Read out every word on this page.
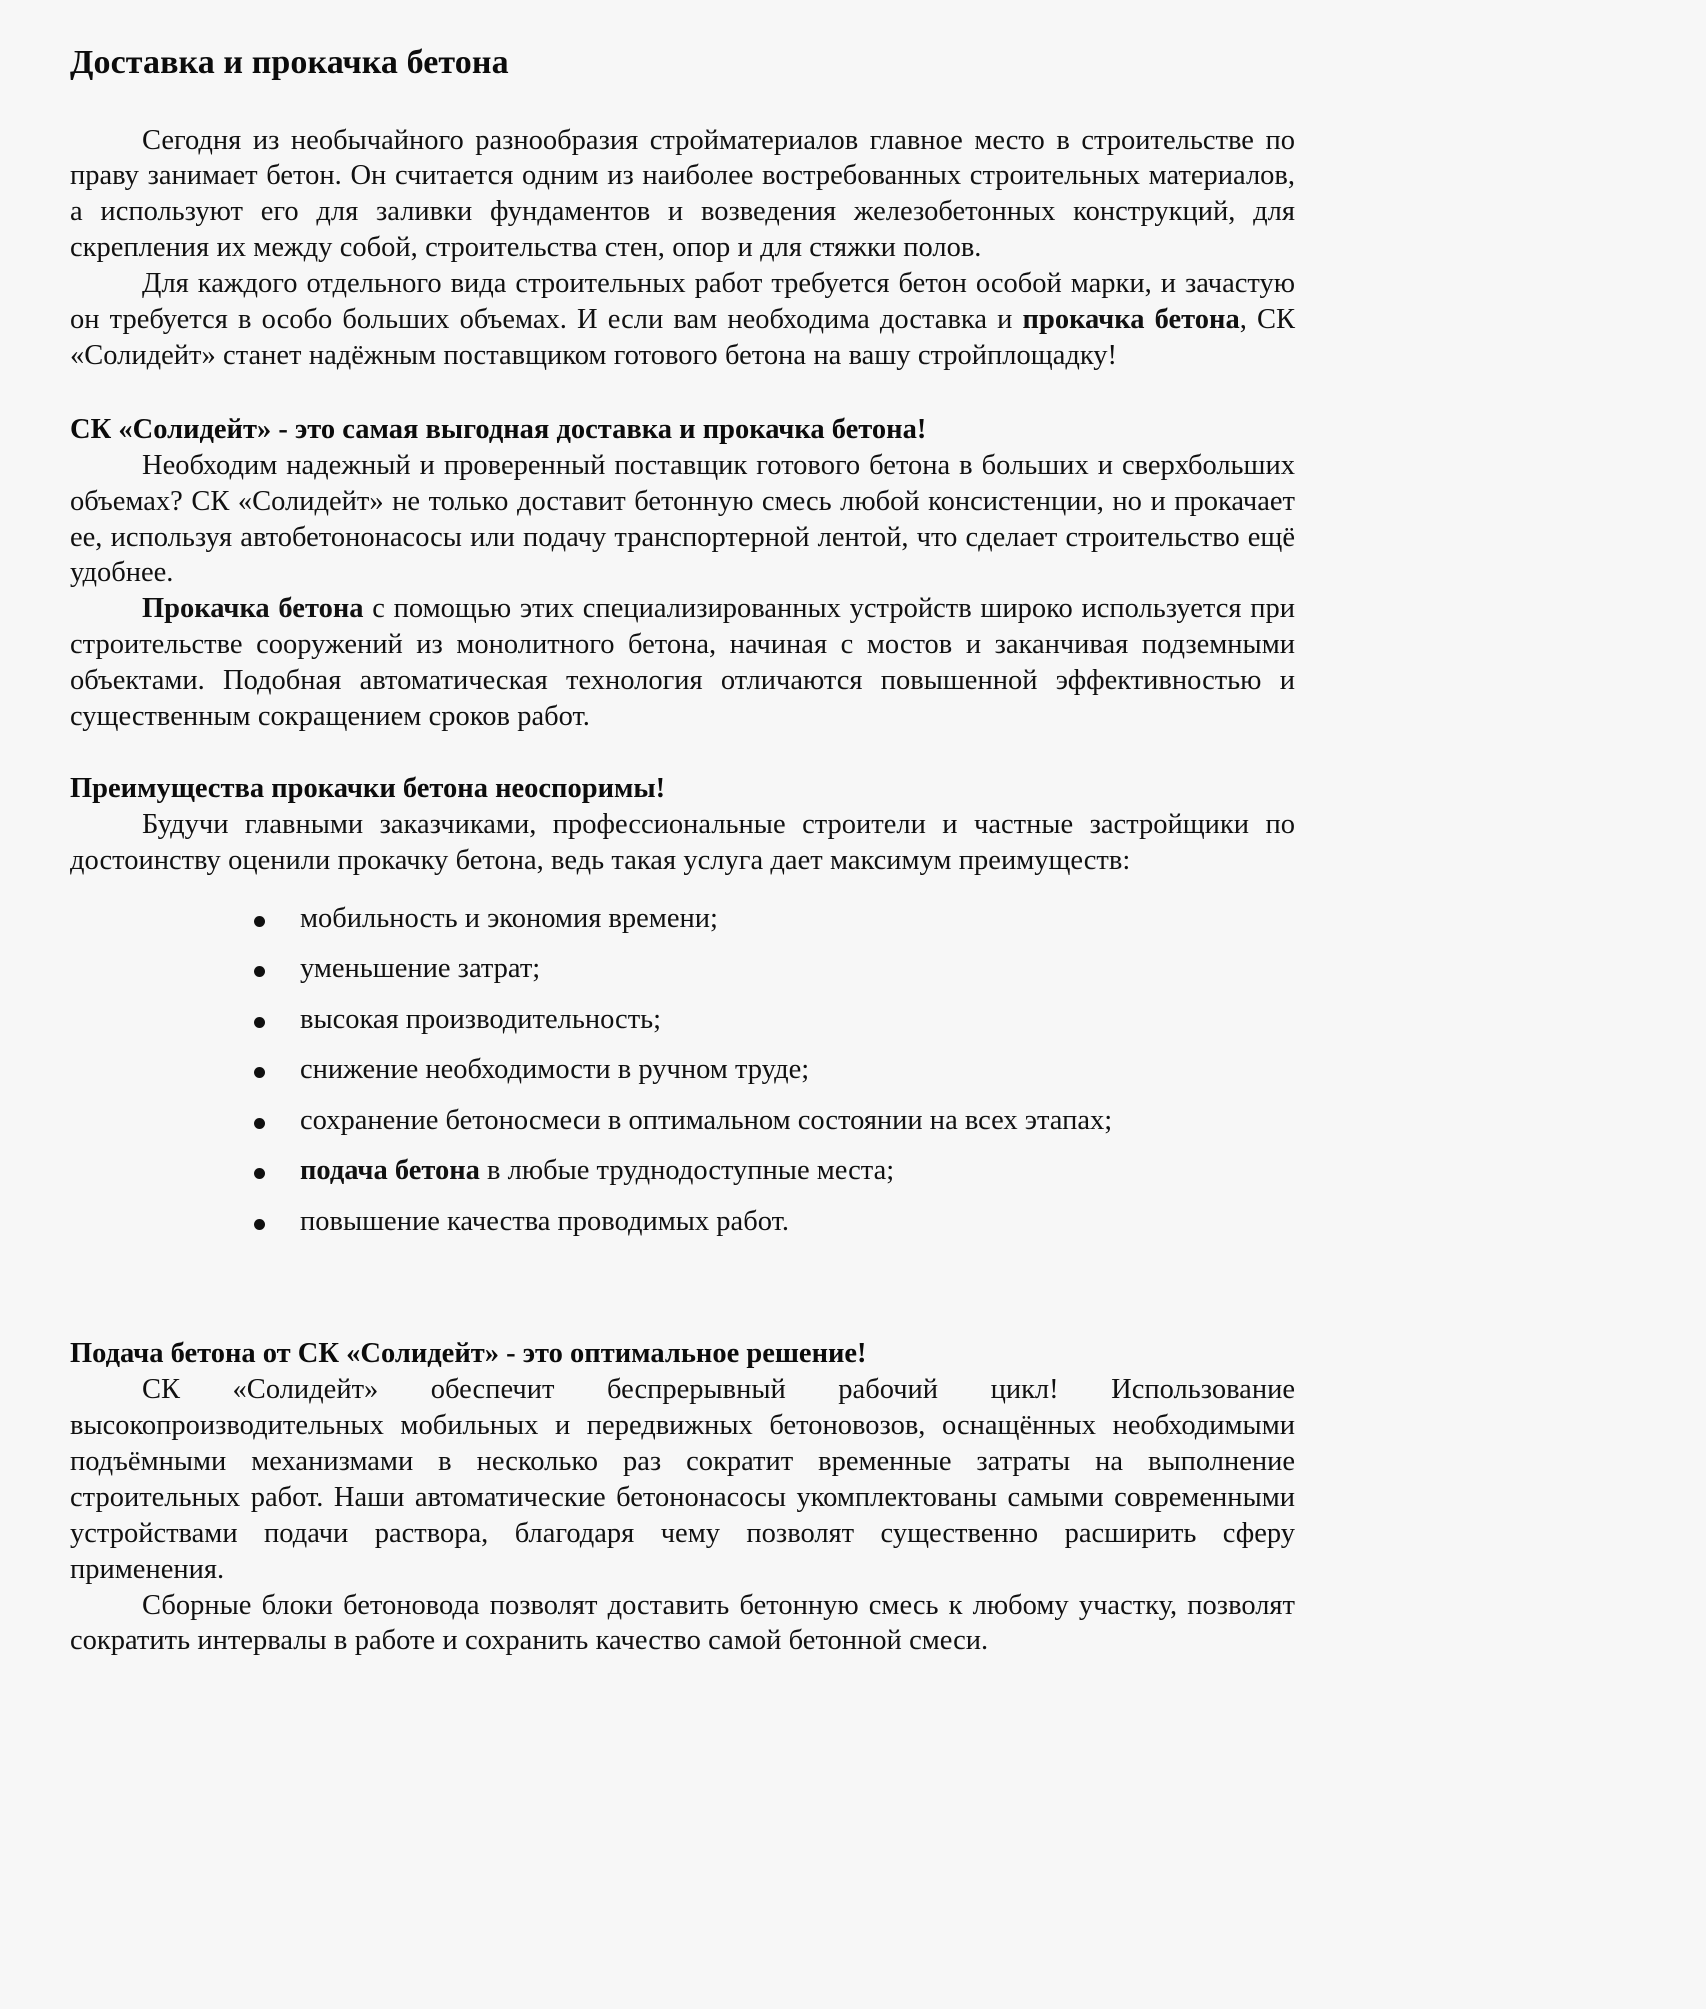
Доставка и прокачка бетона

Сегодня из необычайного разнообразия стройматериалов главное место в строительстве по праву занимает бетон. Он считается одним из наиболее востребованных строительных материалов, а используют его для заливки фундаментов и возведения железобетонных конструкций, для скрепления их между собой, строительства стен, опор и для стяжки полов.

Для каждого отдельного вида строительных работ требуется бетон особой марки, и зачастую он требуется в особо больших объемах. И если вам необходима доставка и прокачка бетона, СК «Солидейт» станет надёжным поставщиком готового бетона на вашу стройплощадку!

СК «Солидейт» - это самая выгодная доставка и прокачка бетона!

Необходим надежный и проверенный поставщик готового бетона в больших и сверхбольших объемах? СК «Солидейт» не только доставит бетонную смесь любой консистенции, но и прокачает ее, используя автобетононасосы или подачу транспортерной лентой, что сделает строительство ещё удобнее.

Прокачка бетона с помощью этих специализированных устройств широко используется при строительстве сооружений из монолитного бетона, начиная с мостов и заканчивая подземными объектами. Подобная автоматическая технология отличаются повышенной эффективностью и существенным сокращением сроков работ.

Преимущества прокачки бетона неоспоримы!

Будучи главными заказчиками, профессиональные строители и частные застройщики по достоинству оценили прокачку бетона, ведь такая услуга дает максимум преимуществ:

мобильность и экономия времени;
уменьшение затрат;
высокая производительность;
снижение необходимости в ручном труде;
сохранение бетоносмеси в оптимальном состоянии на всех этапах;
подача бетона в любые труднодоступные места;
повышение качества проводимых работ.
Подача бетона от СК «Солидейт» - это оптимальное решение!

СК «Солидейт» обеспечит беспрерывный рабочий цикл! Использование высокопроизводительных мобильных и передвижных бетоновозов, оснащённых необходимыми подъёмными механизмами в несколько раз сократит временные затраты на выполнение строительных работ. Наши автоматические бетононасосы укомплектованы самыми современными устройствами подачи раствора, благодаря чему позволят существенно расширить сферу применения.

Сборные блоки бетоновода позволят доставить бетонную смесь к любому участку, позволят сократить интервалы в работе и сохранить качество самой бетонной смеси.
